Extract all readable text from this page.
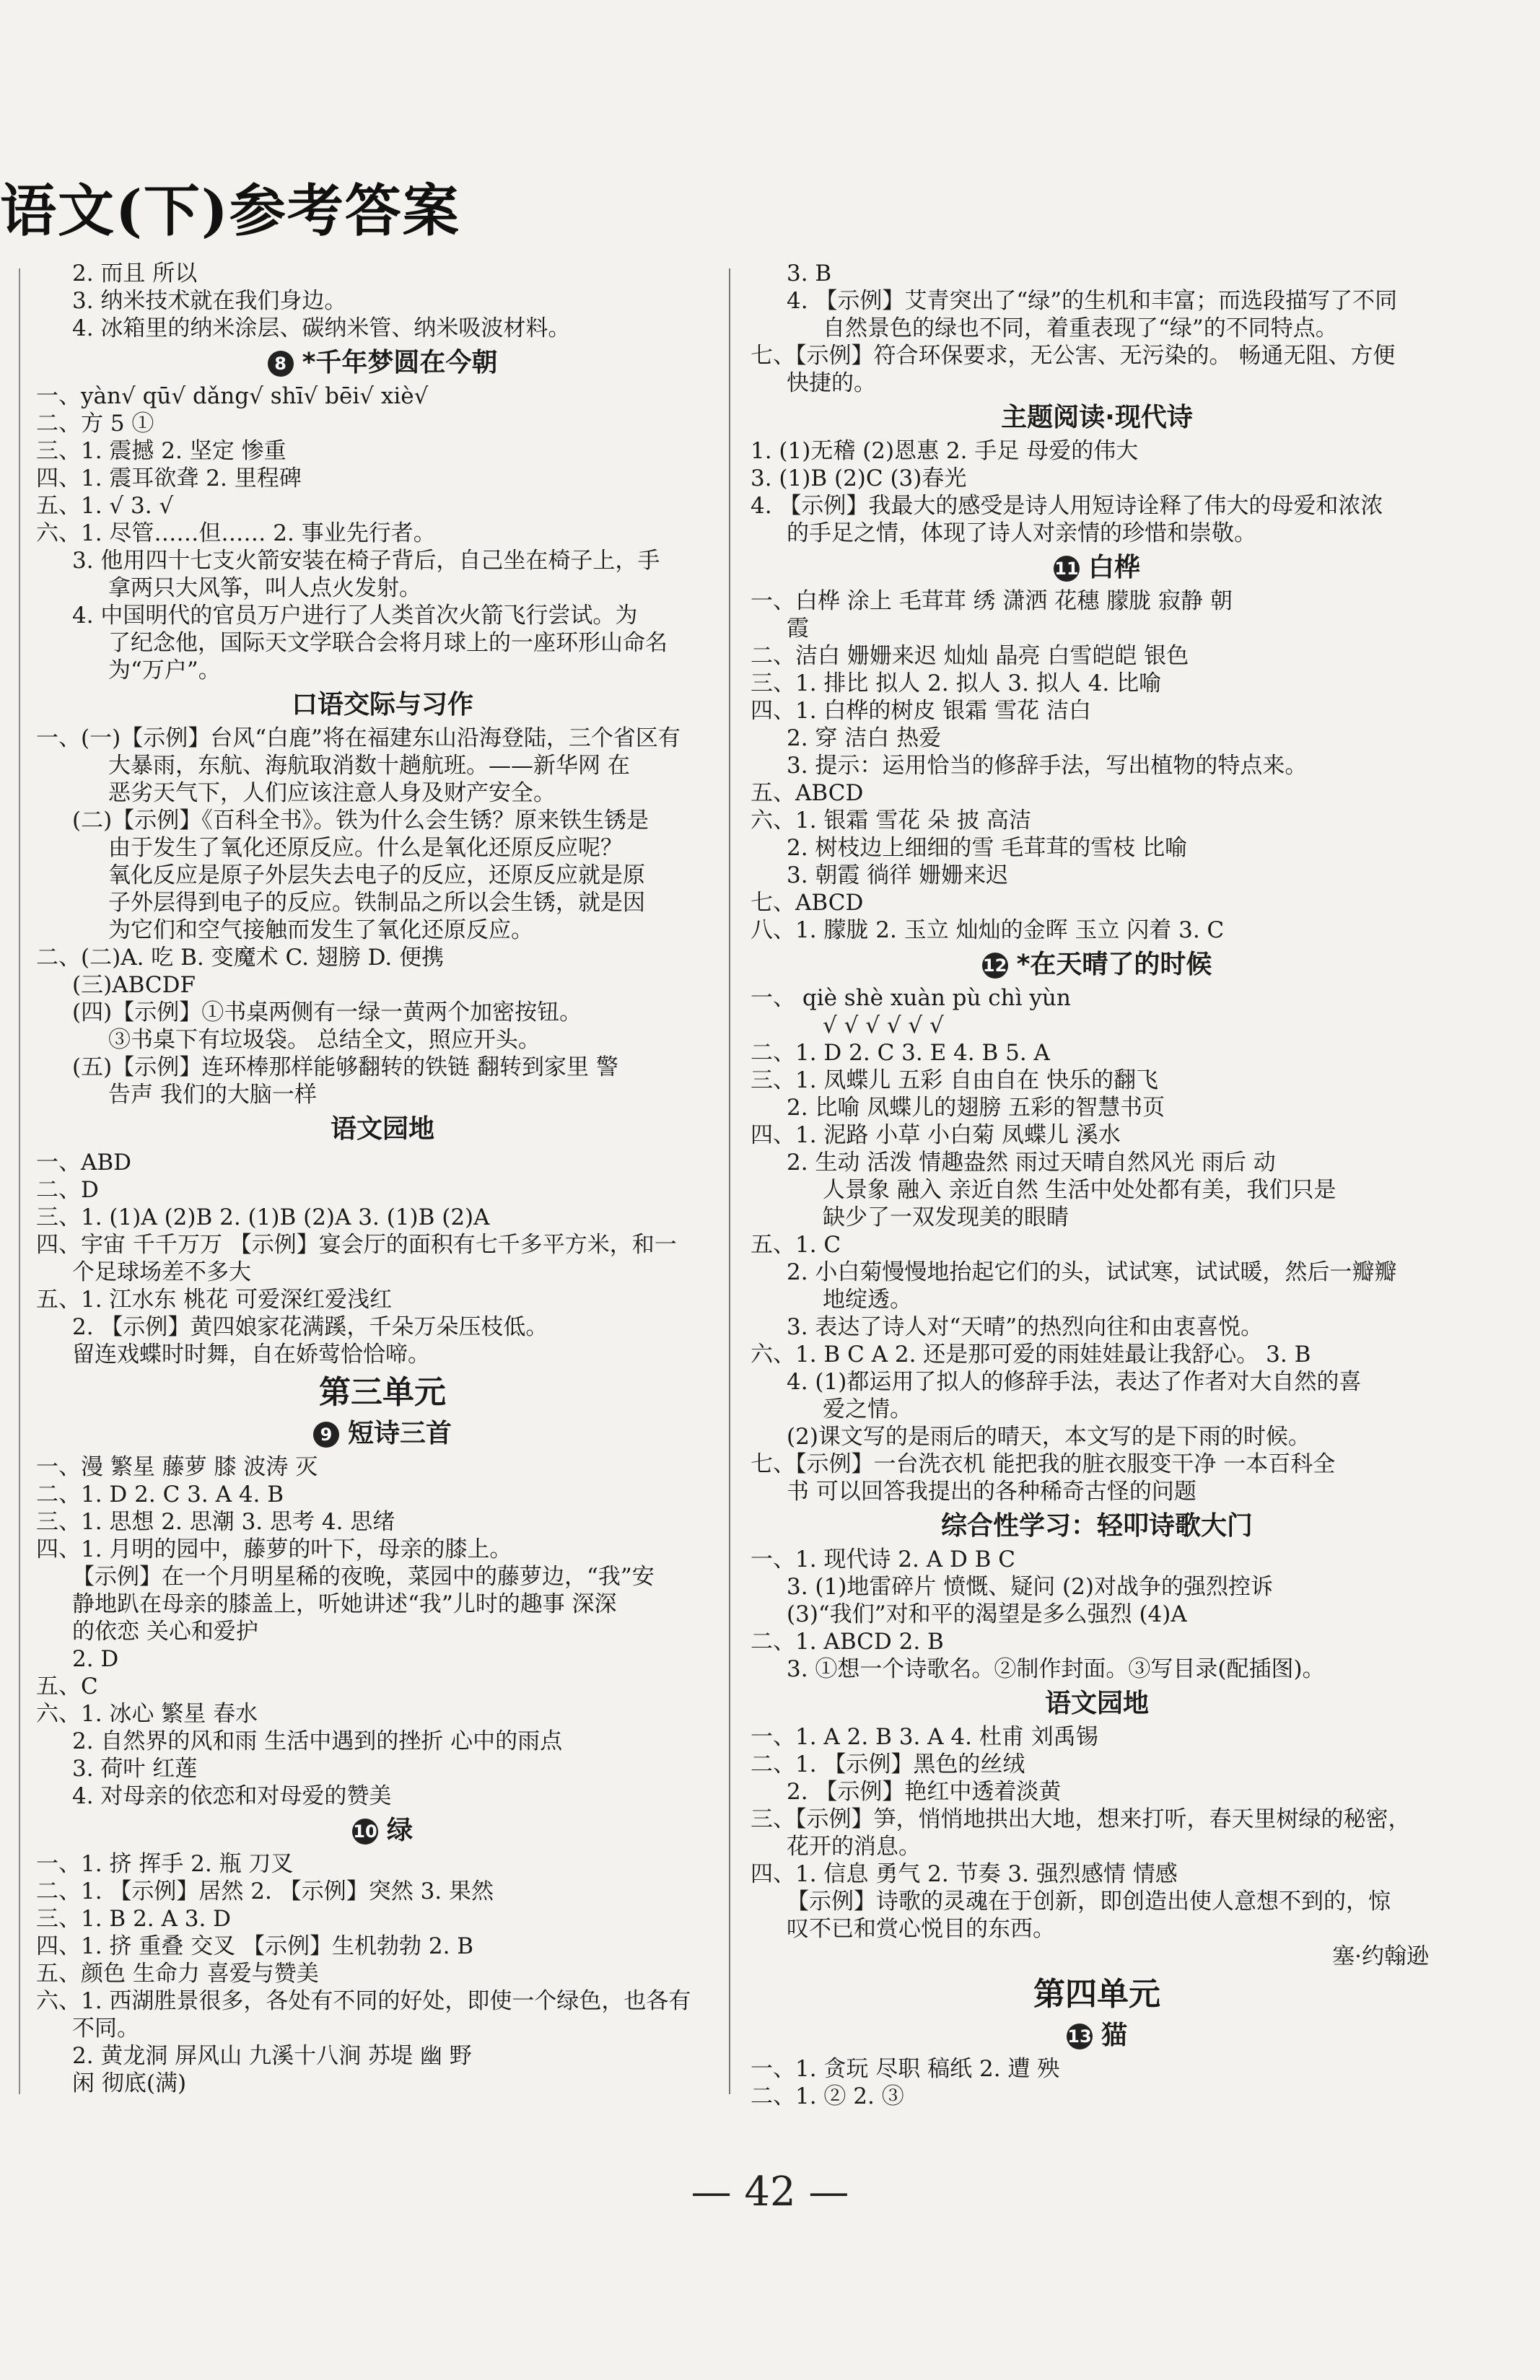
语文(下)参考答案
2. 而且 所以
3. 纳米技术就在我们身边。
4. 冰箱里的纳米涂层、碳纳米管、纳米吸波材料。
8 *千年梦圆在今朝
一、yàn√ qū√ dǎng√ shī√ bēi√ xiè√
二、方 5 ①
三、1. 震撼 2. 坚定 惨重
四、1. 震耳欲聋 2. 里程碑
五、1. √ 3. √
六、1. 尽管……但…… 2. 事业先行者。
3. 他用四十七支火箭安装在椅子背后，自己坐在椅子上，手
拿两只大风筝，叫人点火发射。
4. 中国明代的官员万户进行了人类首次火箭飞行尝试。为
了纪念他，国际天文学联合会将月球上的一座环形山命名
为“万户”。
口语交际与习作
一、(一)【示例】台风“白鹿”将在福建东山沿海登陆，三个省区有
大暴雨，东航、海航取消数十趟航班。——新华网 在
恶劣天气下，人们应该注意人身及财产安全。
(二)【示例】《百科全书》。铁为什么会生锈？原来铁生锈是
由于发生了氧化还原反应。什么是氧化还原反应呢？
氧化反应是原子外层失去电子的反应，还原反应就是原
子外层得到电子的反应。铁制品之所以会生锈，就是因
为它们和空气接触而发生了氧化还原反应。
二、(二)A. 吃 B. 变魔术 C. 翅膀 D. 便携
(三)ABCDF
(四)【示例】①书桌两侧有一绿一黄两个加密按钮。
③书桌下有垃圾袋。 总结全文，照应开头。
(五)【示例】连环棒那样能够翻转的铁链 翻转到家里 警
告声 我们的大脑一样
语文园地
一、ABD
二、D
三、1. (1)A (2)B 2. (1)B (2)A 3. (1)B (2)A
四、宇宙 千千万万 【示例】宴会厅的面积有七千多平方米，和一
个足球场差不多大
五、1. 江水东 桃花 可爱深红爱浅红
2. 【示例】黄四娘家花满蹊，千朵万朵压枝低。
留连戏蝶时时舞，自在娇莺恰恰啼。
第三单元
9 短诗三首
一、漫 繁星 藤萝 膝 波涛 灭
二、1. D 2. C 3. A 4. B
三、1. 思想 2. 思潮 3. 思考 4. 思绪
四、1. 月明的园中，藤萝的叶下，母亲的膝上。
【示例】在一个月明星稀的夜晚，菜园中的藤萝边，“我”安
静地趴在母亲的膝盖上，听她讲述“我”儿时的趣事 深深
的依恋 关心和爱护
2. D
五、C
六、1. 冰心 繁星 春水
2. 自然界的风和雨 生活中遇到的挫折 心中的雨点
3. 荷叶 红莲
4. 对母亲的依恋和对母爱的赞美
10 绿
一、1. 挤 挥手 2. 瓶 刀叉
二、1. 【示例】居然 2. 【示例】突然 3. 果然
三、1. B 2. A 3. D
四、1. 挤 重叠 交叉 【示例】生机勃勃 2. B
五、颜色 生命力 喜爱与赞美
六、1. 西湖胜景很多，各处有不同的好处，即使一个绿色，也各有
不同。
2. 黄龙洞 屏风山 九溪十八涧 苏堤 幽 野
闲 彻底(满)
3. B
4. 【示例】艾青突出了“绿”的生机和丰富；而选段描写了不同
自然景色的绿也不同，着重表现了“绿”的不同特点。
七、【示例】符合环保要求，无公害、无污染的。 畅通无阻、方便
快捷的。
主题阅读·现代诗
1. (1)无稽 (2)恩惠 2. 手足 母爱的伟大
3. (1)B (2)C (3)春光
4. 【示例】我最大的感受是诗人用短诗诠释了伟大的母爱和浓浓
的手足之情，体现了诗人对亲情的珍惜和崇敬。
11 白桦
一、白桦 涂上 毛茸茸 绣 潇洒 花穗 朦胧 寂静 朝
霞
二、洁白 姗姗来迟 灿灿 晶亮 白雪皑皑 银色
三、1. 排比 拟人 2. 拟人 3. 拟人 4. 比喻
四、1. 白桦的树皮 银霜 雪花 洁白
2. 穿 洁白 热爱
3. 提示：运用恰当的修辞手法，写出植物的特点来。
五、ABCD
六、1. 银霜 雪花 朵 披 高洁
2. 树枝边上细细的雪 毛茸茸的雪枝 比喻
3. 朝霞 徜徉 姗姗来迟
七、ABCD
八、1. 朦胧 2. 玉立 灿灿的金晖 玉立 闪着 3. C
12 *在天晴了的时候
一、 qiè shè xuàn pù chì yùn
√ √ √ √ √ √
二、1. D 2. C 3. E 4. B 5. A
三、1. 凤蝶儿 五彩 自由自在 快乐的翻飞
2. 比喻 凤蝶儿的翅膀 五彩的智慧书页
四、1. 泥路 小草 小白菊 凤蝶儿 溪水
2. 生动 活泼 情趣盎然 雨过天晴自然风光 雨后 动
人景象 融入 亲近自然 生活中处处都有美，我们只是
缺少了一双发现美的眼睛
五、1. C
2. 小白菊慢慢地抬起它们的头，试试寒，试试暖，然后一瓣瓣
地绽透。
3. 表达了诗人对“天晴”的热烈向往和由衷喜悦。
六、1. B C A 2. 还是那可爱的雨娃娃最让我舒心。 3. B
4. (1)都运用了拟人的修辞手法，表达了作者对大自然的喜
爱之情。
(2)课文写的是雨后的晴天，本文写的是下雨的时候。
七、【示例】一台洗衣机 能把我的脏衣服变干净 一本百科全
书 可以回答我提出的各种稀奇古怪的问题
综合性学习：轻叩诗歌大门
一、1. 现代诗 2. A D B C
3. (1)地雷碎片 愤慨、疑问 (2)对战争的强烈控诉
(3)“我们”对和平的渴望是多么强烈 (4)A
二、1. ABCD 2. B
3. ①想一个诗歌名。②制作封面。③写目录(配插图)。
语文园地
一、1. A 2. B 3. A 4. 杜甫 刘禹锡
二、1. 【示例】黑色的丝绒
2. 【示例】艳红中透着淡黄
三、【示例】笋，悄悄地拱出大地，想来打听，春天里树绿的秘密，
花开的消息。
四、1. 信息 勇气 2. 节奏 3. 强烈感情 情感
【示例】诗歌的灵魂在于创新，即创造出使人意想不到的，惊
叹不已和赏心悦目的东西。
塞·约翰逊
第四单元
13 猫
一、1. 贪玩 尽职 稿纸 2. 遭 殃
二、1. ② 2. ③
— 42 —
